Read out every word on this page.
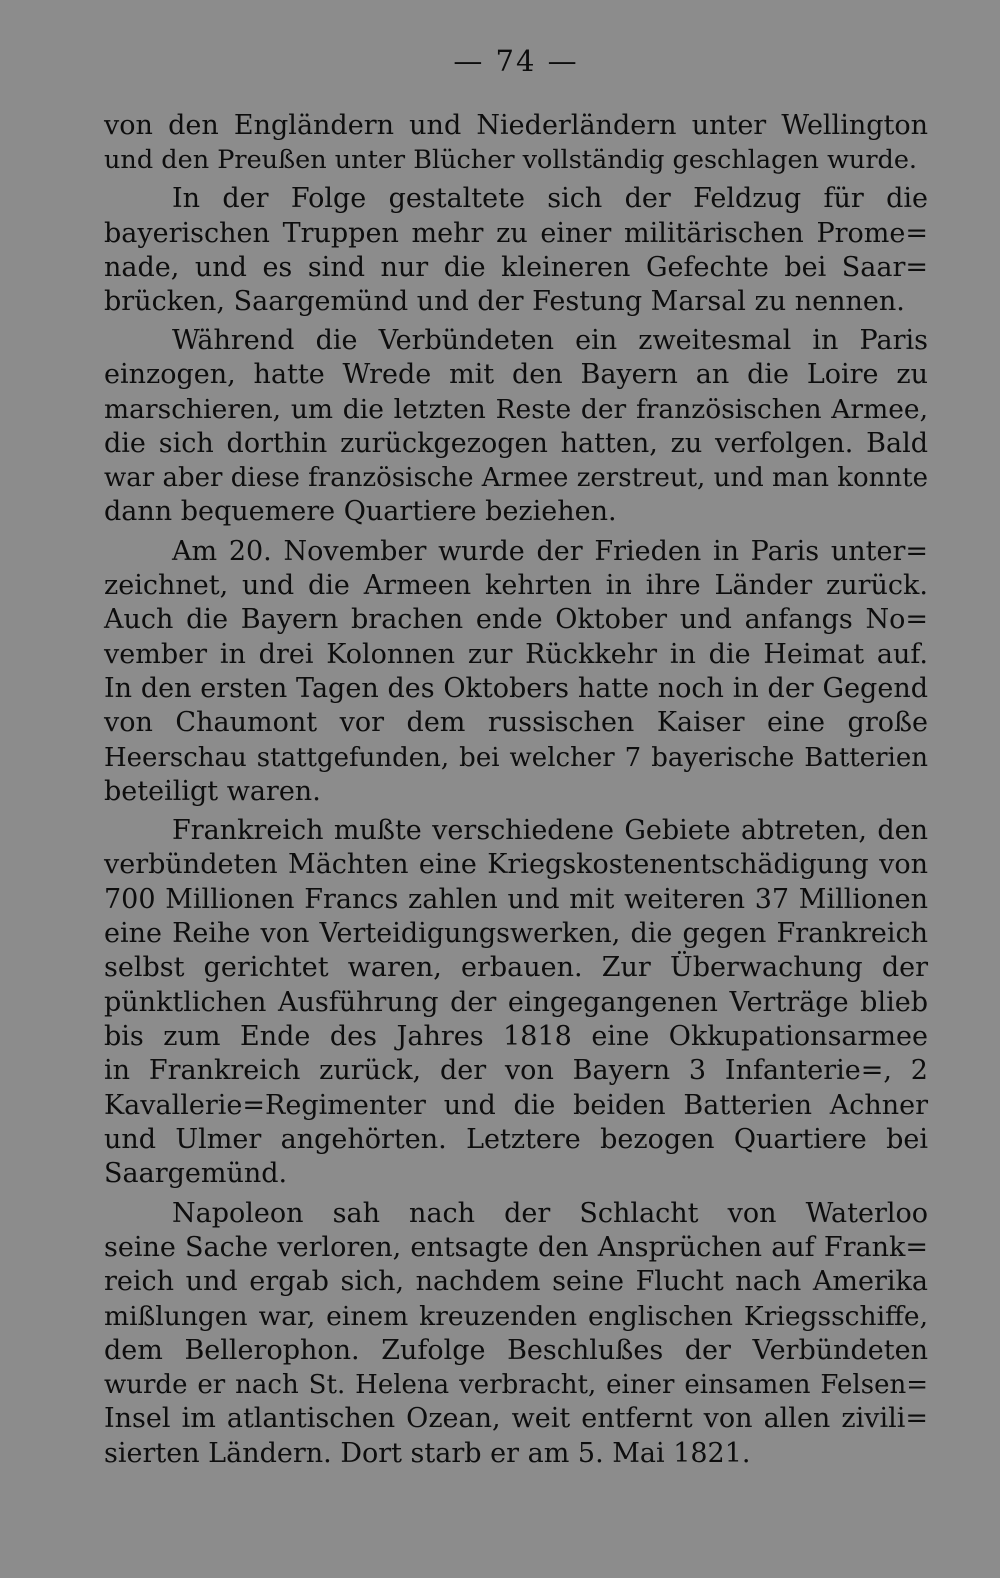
— 74 —
von den Engländern und Niederländern unter Wellington
und den Preußen unter Blücher vollständig geschlagen wurde.
In der Folge gestaltete sich der Feldzug für die
bayerischen Truppen mehr zu einer militärischen Prome=
nade, und es sind nur die kleineren Gefechte bei Saar=
brücken, Saargemünd und der Festung Marsal zu nennen.
Während die Verbündeten ein zweitesmal in Paris
einzogen, hatte Wrede mit den Bayern an die Loire zu
marschieren, um die letzten Reste der französischen Armee,
die sich dorthin zurückgezogen hatten, zu verfolgen. Bald
war aber diese französische Armee zerstreut, und man konnte
dann bequemere Quartiere beziehen.
Am 20. November wurde der Frieden in Paris unter=
zeichnet, und die Armeen kehrten in ihre Länder zurück.
Auch die Bayern brachen ende Oktober und anfangs No=
vember in drei Kolonnen zur Rückkehr in die Heimat auf.
In den ersten Tagen des Oktobers hatte noch in der Gegend
von Chaumont vor dem russischen Kaiser eine große
Heerschau stattgefunden, bei welcher 7 bayerische Batterien
beteiligt waren.
Frankreich mußte verschiedene Gebiete abtreten, den
verbündeten Mächten eine Kriegskostenentschädigung von
700 Millionen Francs zahlen und mit weiteren 37 Millionen
eine Reihe von Verteidigungswerken, die gegen Frankreich
selbst gerichtet waren, erbauen. Zur Überwachung der
pünktlichen Ausführung der eingegangenen Verträge blieb
bis zum Ende des Jahres 1818 eine Okkupationsarmee
in Frankreich zurück, der von Bayern 3 Infanterie=, 2
Kavallerie=Regimenter und die beiden Batterien Achner
und Ulmer angehörten. Letztere bezogen Quartiere bei
Saargemünd.
Napoleon sah nach der Schlacht von Waterloo
seine Sache verloren, entsagte den Ansprüchen auf Frank=
reich und ergab sich, nachdem seine Flucht nach Amerika
mißlungen war, einem kreuzenden englischen Kriegsschiffe,
dem Bellerophon. Zufolge Beschlußes der Verbündeten
wurde er nach St. Helena verbracht, einer einsamen Felsen=
Insel im atlantischen Ozean, weit entfernt von allen zivili=
sierten Ländern. Dort starb er am 5. Mai 1821.
